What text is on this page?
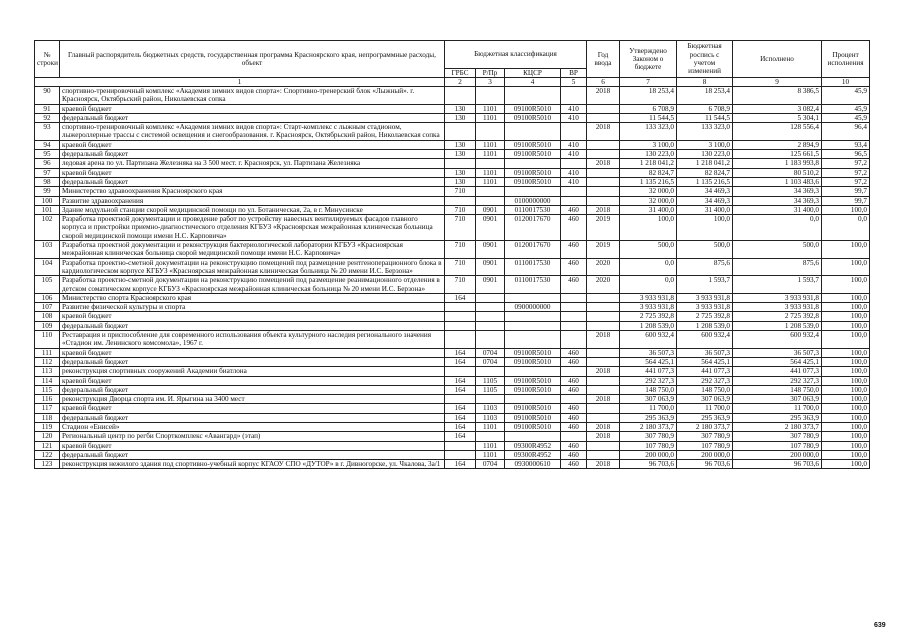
№ строки	Главный распорядитель бюджетных средств, государственная программа Красноярского края, непрограммные расходы, объект	Бюджетная классификация				Год ввода	Утверждено Законом о бюджете	Бюджетная роспись с учетом изменений	Исполнено	Процент исполнения
		ГРБС	Р/Пр	КЦСР	ВР					
1		2	3	4	5	6	7	8	9	10
90	спортивно-тренировочный комплекс «Академия зимних видов спорта»: Спортивно-тренерский блок «Лыжный». г. Красноярск, Октябрьский район, Николаевская сопка					2018	18 253,4	18 253,4	8 386,5	45,9
91	краевой бюджет	130	1101	09100R5010	410		6 708,9	6 708,9	3 082,4	45,9
92	федеральный бюджет	130	1101	09100R5010	410		11 544,5	11 544,5	5 304,1	45,9
93	спортивно-тренировочный комплекс «Академия зимних видов спорта»: Старт-комплекс с лыжным стадионом, лыжероллерные трассы с системой освещения и снегообразования. г. Красноярск, Октябрьский район, Николаевская сопка					2018	133 323,0	133 323,0	128 556,4	96,4
94	краевой бюджет	130	1101	09100R5010	410		3 100,0	3 100,0	2 894,9	93,4
95	федеральный бюджет	130	1101	09100R5010	410		130 223,0	130 223,0	125 661,5	96,5
96	ледовая арена по ул. Партизана Железняка на 3 500 мест. г. Красноярск, ул. Партизана Железняка					2018	1 218 041,2	1 218 041,2	1 183 993,8	97,2
97	краевой бюджет	130	1101	09100R5010	410		82 824,7	82 824,7	80 510,2	97,2
98	федеральный бюджет	130	1101	09100R5010	410		1 135 216,5	1 135 216,5	1 103 483,6	97,2
99	Министерство здравоохранения Красноярского края	710					32 000,0	34 469,3	34 369,3	99,7
100	Развитие здравоохранения			0100000000			32 000,0	34 469,3	34 369,3	99,7
101	Здание модульной станции скорой медицинской помощи по ул. Ботаническая, 2а, в г. Минусинске	710	0901	0110017530	460	2018	31 400,0	31 400,0	31 400,0	100,0
102	Разработка проектной документации и проведение работ по устройству навесных вентилируемых фасадов главного корпуса и пристройки приемно-диагностического отделения КГБУЗ «Красноярская межрайонная клиническая больница скорой медицинской помощи имени Н.С. Карповича»	710	0901	0120017670	460	2019	100,0	100,0	0,0	0,0
103	Разработка проектной документации и реконструкция бактериологической лаборатории КГБУЗ «Красноярская межрайонная клиническая больница скорой медицинской помощи имени Н.С. Карповича»	710	0901	0120017670	460	2019	500,0	500,0	500,0	100,0
104	Разработка проектно-сметной документации на реконструкцию помещений под размещение рентгеноперационного блока в кардиологическом корпусе КГБУЗ «Красноярская межрайонная клиническая больница № 20 имени И.С. Берзона»	710	0901	0110017530	460	2020	0,0	875,6	875,6	100,0
105	Разработка проектно-сметной документации на реконструкцию помещений под размещение реанимационного отделения в детском соматическом корпусе КГБУЗ «Красноярская межрайонная клиническая больница № 20 имени И.С. Берзона»	710	0901	0110017530	460	2020	0,0	1 593,7	1 593,7	100,0
106	Министерство спорта Красноярского края	164					3 933 931,8	3 933 931,8	3 933 931,8	100,0
107	Развитие физической культуры и спорта			0900000000			3 933 931,8	3 933 931,8	3 933 931,8	100,0
108	краевой бюджет						2 725 392,8	2 725 392,8	2 725 392,8	100,0
109	федеральный бюджет						1 208 539,0	1 208 539,0	1 208 539,0	100,0
110	Реставрация и приспособление для современного использования объекта культурного наследия регионального значения «Стадион им. Ленинского комсомола», 1967 г.					2018	600 932,4	600 932,4	600 932,4	100,0
111	краевой бюджет	164	0704	09100R5010	460		36 507,3	36 507,3	36 507,3	100,0
112	федеральный бюджет	164	0704	09100R5010	460		564 425,1	564 425,1	564 425,1	100,0
113	реконструкция спортивных сооружений Академии биатлона					2018	441 077,3	441 077,3	441 077,3	100,0
114	краевой бюджет	164	1105	09100R5010	460		292 327,3	292 327,3	292 327,3	100,0
115	федеральный бюджет	164	1105	09100R5010	460		148 750,0	148 750,0	148 750,0	100,0
116	реконструкция Дворца спорта им. И. Ярыгина на 3400 мест					2018	307 063,9	307 063,9	307 063,9	100,0
117	краевой бюджет	164	1103	09100R5010	460		11 700,0	11 700,0	11 700,0	100,0
118	федеральный бюджет	164	1103	09100R5010	460		295 363,9	295 363,9	295 363,9	100,0
119	Стадион «Енисей»	164	1101	09100R5010	460	2018	2 180 373,7	2 180 373,7	2 180 373,7	100,0
120	Региональный центр по регби Спорткомплекс «Авангард» (этап)	164				2018	307 780,9	307 780,9	307 780,9	100,0
121	краевой бюджет		1101	09300R4952	460		107 780,9	107 780,9	107 780,9	100,0
122	федеральный бюджет		1101	09300R4952	460		200 000,0	200 000,0	200 000,0	100,0
123	реконструкция нежилого здания под спортивно-учебный корпус КГАОУ СПО «ДУТОР» в г. Дивногорске, ул. Чкалова, 3а/1	164	0704	0930000610	460	2018	96 703,6	96 703,6	96 703,6	100,0
639
